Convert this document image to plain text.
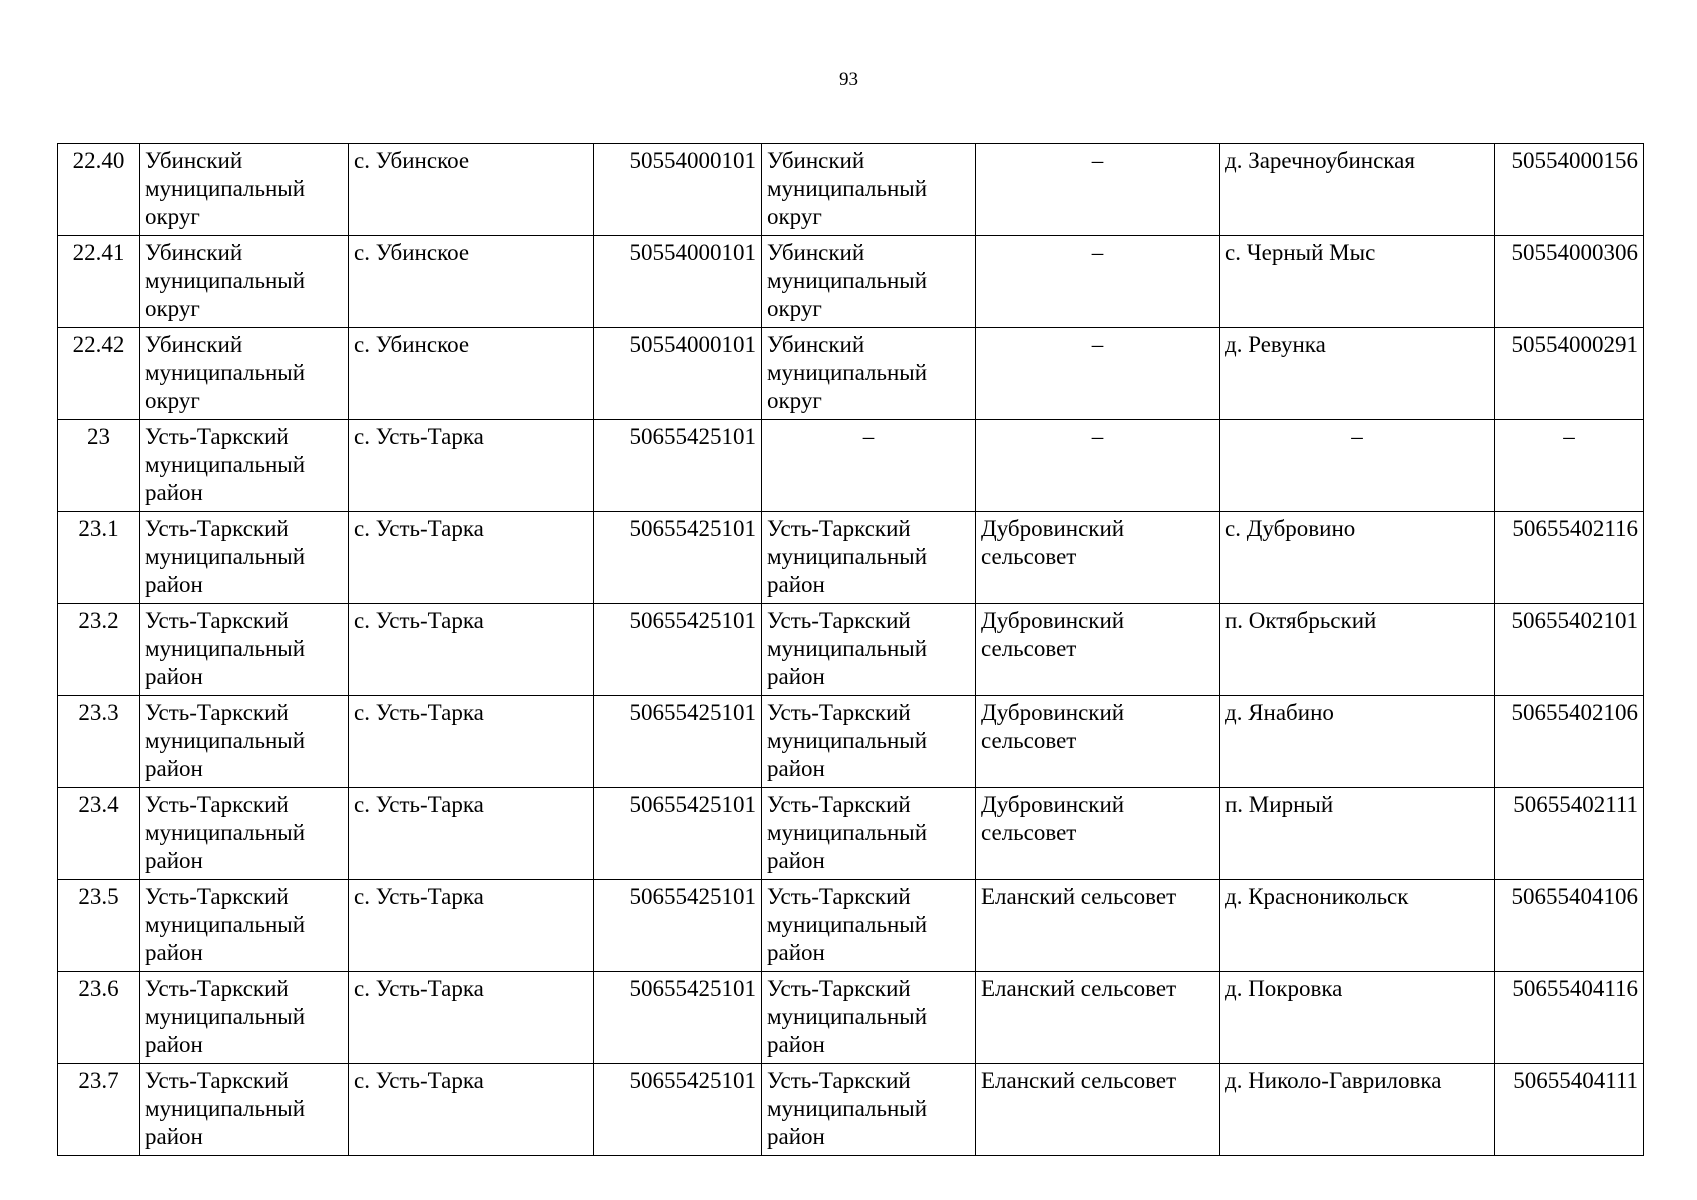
93
22.40	Убинский муниципальный округ	с. Убинское	50554000101	Убинский муниципальный округ	–	д. Заречноубинская	50554000156
22.41	Убинский муниципальный округ	с. Убинское	50554000101	Убинский муниципальный округ	–	с. Черный Мыс	50554000306
22.42	Убинский муниципальный округ	с. Убинское	50554000101	Убинский муниципальный округ	–	д. Ревунка	50554000291
23	Усть-Таркский муниципальный район	с. Усть-Тарка	50655425101	–	–	–	–
23.1	Усть-Таркский муниципальный район	с. Усть-Тарка	50655425101	Усть-Таркский муниципальный район	Дубровинский сельсовет	с. Дубровино	50655402116
23.2	Усть-Таркский муниципальный район	с. Усть-Тарка	50655425101	Усть-Таркский муниципальный район	Дубровинский сельсовет	п. Октябрьский	50655402101
23.3	Усть-Таркский муниципальный район	с. Усть-Тарка	50655425101	Усть-Таркский муниципальный район	Дубровинский сельсовет	д. Янабино	50655402106
23.4	Усть-Таркский муниципальный район	с. Усть-Тарка	50655425101	Усть-Таркский муниципальный район	Дубровинский сельсовет	п. Мирный	50655402111
23.5	Усть-Таркский муниципальный район	с. Усть-Тарка	50655425101	Усть-Таркский муниципальный район	Еланский сельсовет	д. Красноникольск	50655404106
23.6	Усть-Таркский муниципальный район	с. Усть-Тарка	50655425101	Усть-Таркский муниципальный район	Еланский сельсовет	д. Покровка	50655404116
23.7	Усть-Таркский муниципальный район	с. Усть-Тарка	50655425101	Усть-Таркский муниципальный район	Еланский сельсовет	д. Николо-Гавриловка	50655404111
